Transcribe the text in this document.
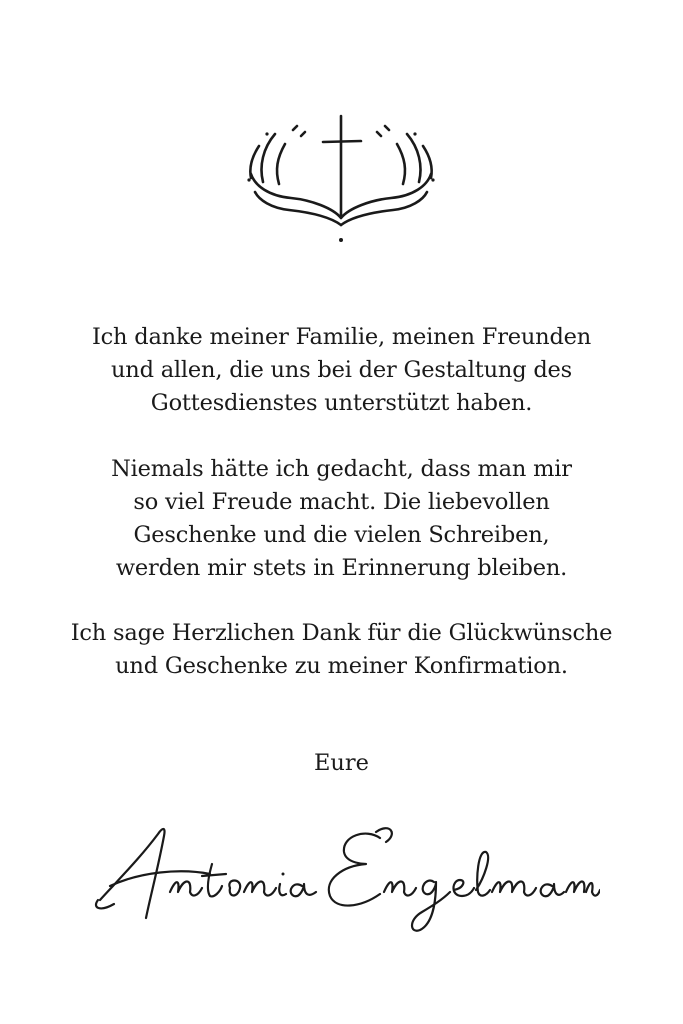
Ich danke meiner Familie, meinen Freunden
und allen, die uns bei der Gestaltung des
Gottesdienstes unterstützt haben.
Niemals hätte ich gedacht, dass man mir
so viel Freude macht. Die liebevollen
Geschenke und die vielen Schreiben,
werden mir stets in Erinnerung bleiben.
Ich sage Herzlichen Dank für die Glückwünsche
und Geschenke zu meiner Konfirmation.
Eure
